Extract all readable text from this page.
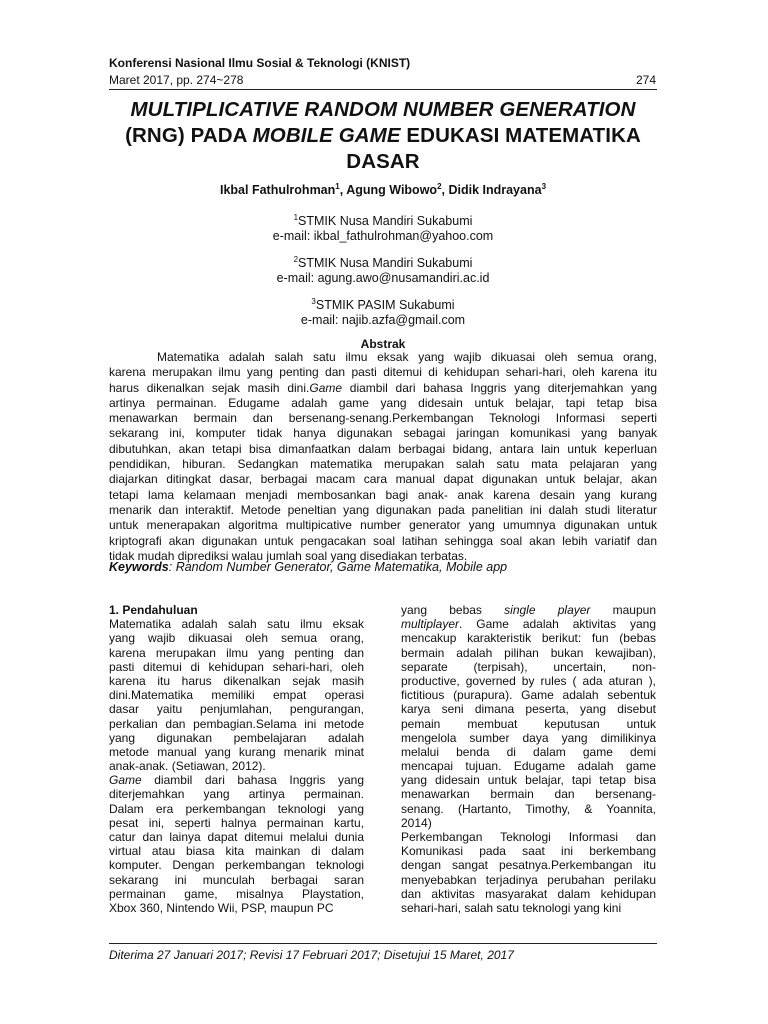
Konferensi Nasional Ilmu Sosial & Teknologi (KNIST)
Maret 2017, pp. 274~278	274
MULTIPLICATIVE RANDOM NUMBER GENERATION
(RNG) PADA MOBILE GAME EDUKASI MATEMATIKA
DASAR
Ikbal Fathulrohman$^1$, Agung Wibowo$^2$, Didik Indrayana$^3$
$^1$STMIK Nusa Mandiri Sukabumi
e-mail: ikbal_fathulrohman@yahoo.com
$^2$STMIK Nusa Mandiri Sukabumi
e-mail: agung.awo@nusamandiri.ac.id
$^3$STMIK PASIM Sukabumi
e-mail: najib.azfa@gmail.com
Abstrak
Matematika adalah salah satu ilmu eksak yang wajib dikuasai oleh semua orang,
karena merupakan ilmu yang penting dan pasti ditemui di kehidupan sehari-hari, oleh karena itu
harus dikenalkan sejak masih dini.Game diambil dari bahasa Inggris yang diterjemahkan yang
artinya permainan. Edugame adalah game yang didesain untuk belajar, tapi tetap bisa
menawarkan bermain dan bersenang-senang.Perkembangan Teknologi Informasi seperti
sekarang ini, komputer tidak hanya digunakan sebagai jaringan komunikasi yang banyak
dibutuhkan, akan tetapi bisa dimanfaatkan dalam berbagai bidang, antara lain untuk keperluan
pendidikan, hiburan. Sedangkan matematika merupakan salah satu mata pelajaran yang
diajarkan ditingkat dasar, berbagai macam cara manual dapat digunakan untuk belajar, akan
tetapi lama kelamaan menjadi membosankan bagi anak- anak karena desain yang kurang
menarik dan interaktif. Metode peneltian yang digunakan pada panelitian ini dalah studi literatur
untuk menerapakan algoritma multipicative number generator yang umumnya digunakan untuk
kriptografi akan digunakan untuk pengacakan soal latihan sehingga soal akan lebih variatif dan
tidak mudah diprediksi walau jumlah soal yang disediakan terbatas.
Keywords: Random Number Generator, Game Matematika, Mobile app
1. Pendahuluan
Matematika adalah salah satu ilmu eksak
yang wajib dikuasai oleh semua orang,
karena merupakan ilmu yang penting dan
pasti ditemui di kehidupan sehari-hari, oleh
karena itu harus dikenalkan sejak masih
dini.Matematika memiliki empat operasi
dasar yaitu penjumlahan, pengurangan,
perkalian dan pembagian.Selama ini metode
yang digunakan pembelajaran adalah
metode manual yang kurang menarik minat
anak-anak. (Setiawan, 2012).
Game diambil dari bahasa Inggris yang
diterjemahkan yang artinya permainan.
Dalam era perkembangan teknologi yang
pesat ini, seperti halnya permainan kartu,
catur dan lainya dapat ditemui melalui dunia
virtual atau biasa kita mainkan di dalam
komputer. Dengan perkembangan teknologi
sekarang ini munculah berbagai saran
permainan game, misalnya Playstation,
Xbox 360, Nintendo Wii, PSP, maupun PC
yang bebas single player maupun
multiplayer. Game adalah aktivitas yang
mencakup karakteristik berikut: fun (bebas
bermain adalah pilihan bukan kewajiban),
separate (terpisah), uncertain, non-
productive, governed by rules ( ada aturan ),
fictitious (purapura). Game adalah sebentuk
karya seni dimana peserta, yang disebut
pemain membuat keputusan untuk
mengelola sumber daya yang dimilikinya
melalui benda di dalam game demi
mencapai tujuan. Edugame adalah game
yang didesain untuk belajar, tapi tetap bisa
menawarkan bermain dan bersenang-
senang. (Hartanto, Timothy, & Yoannita,
2014)
Perkembangan Teknologi Informasi dan
Komunikasi pada saat ini berkembang
dengan sangat pesatnya.Perkembangan itu
menyebabkan terjadinya perubahan perilaku
dan aktivitas masyarakat dalam kehidupan
sehari-hari, salah satu teknologi yang kini
Diterima 27 Januari 2017; Revisi 17 Februari 2017; Disetujui 15 Maret, 2017
